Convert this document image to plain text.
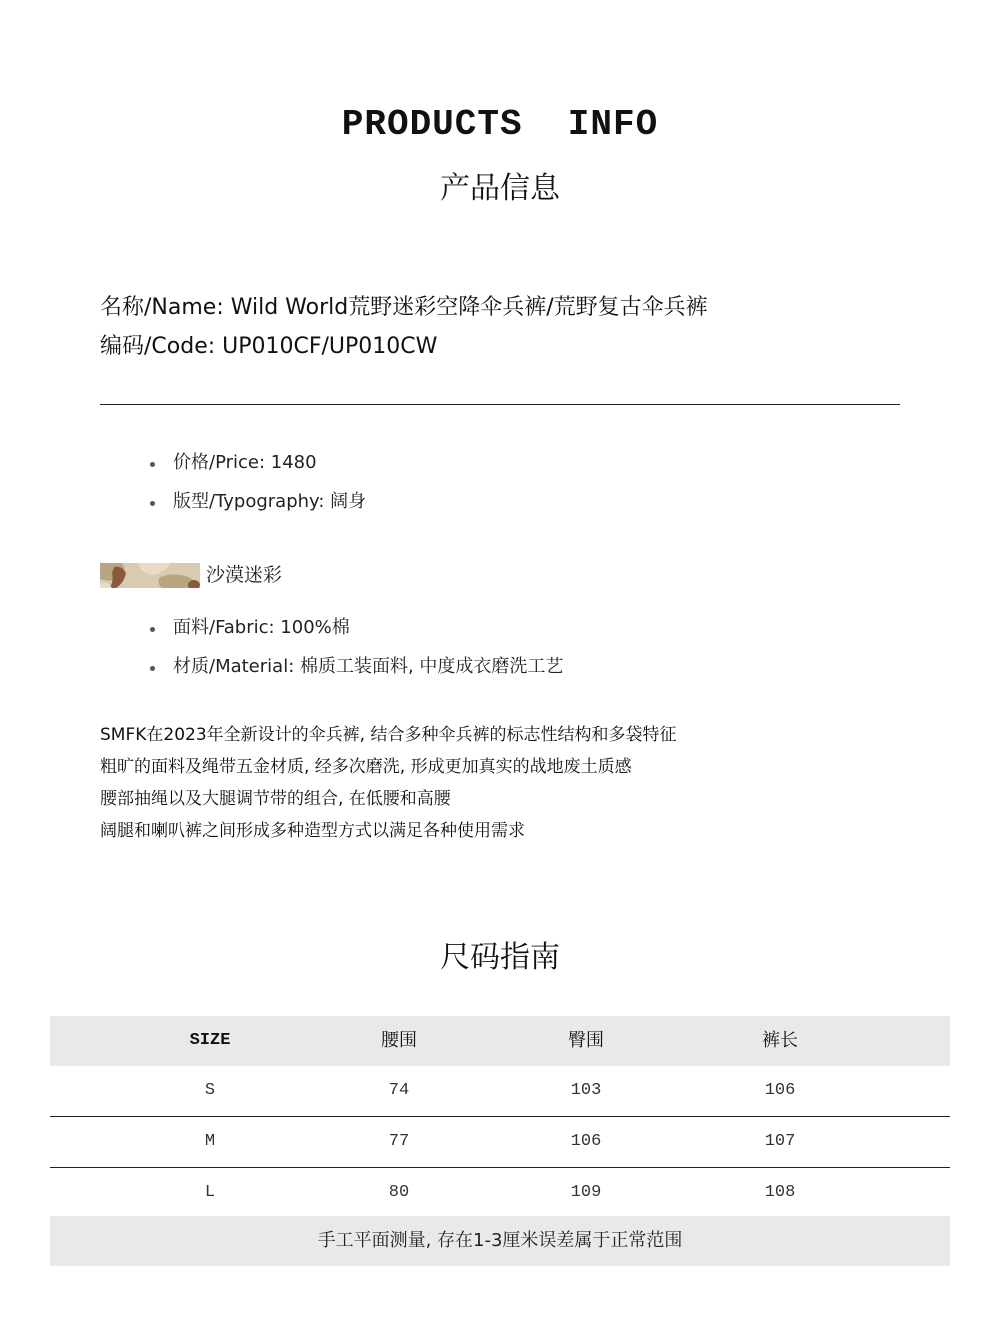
PRODUCTS  INFO
产品信息
名称/Name: Wild World荒野迷彩空降伞兵裤/荒野复古伞兵裤
编码/Code: UP010CF/UP010CW
价格/Price: 1480
版型/Typography: 阔身
沙漠迷彩
面料/Fabric: 100%棉
材质/Material: 棉质工装面料, 中度成衣磨洗工艺
SMFK在2023年全新设计的伞兵裤, 结合多种伞兵裤的标志性结构和多袋特征
粗旷的面料及绳带五金材质, 经多次磨洗, 形成更加真实的战地废土质感
腰部抽绳以及大腿调节带的组合, 在低腰和高腰
阔腿和喇叭裤之间形成多种造型方式以满足各种使用需求
尺码指南
SIZE	腰围	臀围	裤长
S	74	103	106
M	77	106	107
L	80	109	108
手工平面测量, 存在1-3厘米误差属于正常范围
